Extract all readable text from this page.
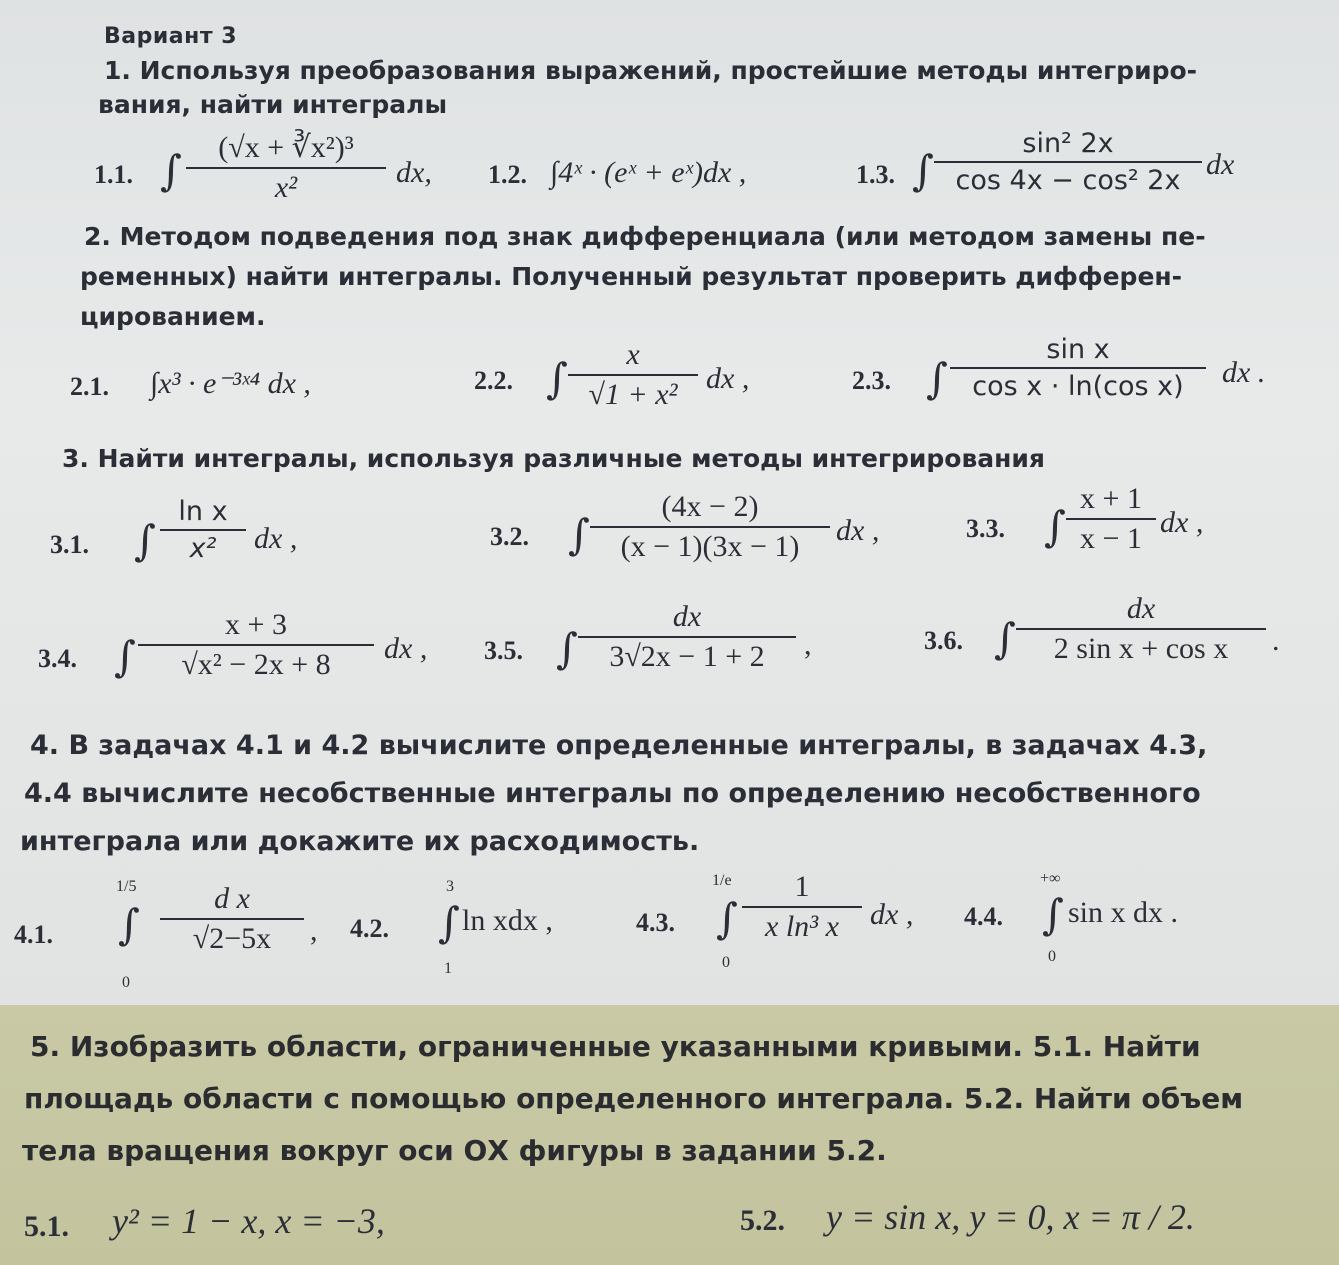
Вариант 3
1. Используя преобразования выражений, простейшие методы интегриро-
вания, найти интегралы
1.1. ∫ (√x + ∛x²)³
x²	dx, 1.2. ∫4ˣ · (eˣ + eˣ)dx ,	1.3. ∫
sin² 2x
cos 4x − cos² 2x dx
2. Методом подведения под знак дифференциала (или методом замены пе-
ременных) найти интегралы. Полученный результат проверить дифферен-
цированием.
2.1. ∫x³ · e⁻³ˣ⁴ dx ,	2.2. ∫ x
√1 + x² dx ,	2.3. ∫
sin x
cos x · ln(cos x) dx .
3. Найти интегралы, используя различные методы интегрирования
3.1. ∫
ln x
x² dx ,	3.2. ∫
(4x − 2)
(x − 1)(3x − 1) dx ,	3.3. ∫
x + 1
x − 1 dx ,
3.4. ∫
x + 3
√x² − 2x + 8 dx , 3.5. ∫
dx
3√2x − 1 + 2 ,	3.6. ∫
dx
2 sin x + cos x .
4. В задачах 4.1 и 4.2 вычислите определенные интегралы, в задачах 4.3,
4.4 вычислите несобственные интегралы по определению несобственного
интеграла или докажите их расходимость.
4.1.
1/5
∫
0
d x
√2−5x , 4.2.
3
∫
1
ln xdx ,	4.3.
1/e
∫
0
1
x ln³ x dx , 4.4.
+∞
∫
0
sin x dx .
5. Изобразить области, ограниченные указанными кривыми. 5.1. Найти
площадь области с помощью определенного интеграла. 5.2. Найти объем
тела вращения вокруг оси ОХ фигуры в задании 5.2.
5.1. y² = 1 − x, x = −3,	5.2. y = sin x, y = 0, x = π / 2.
